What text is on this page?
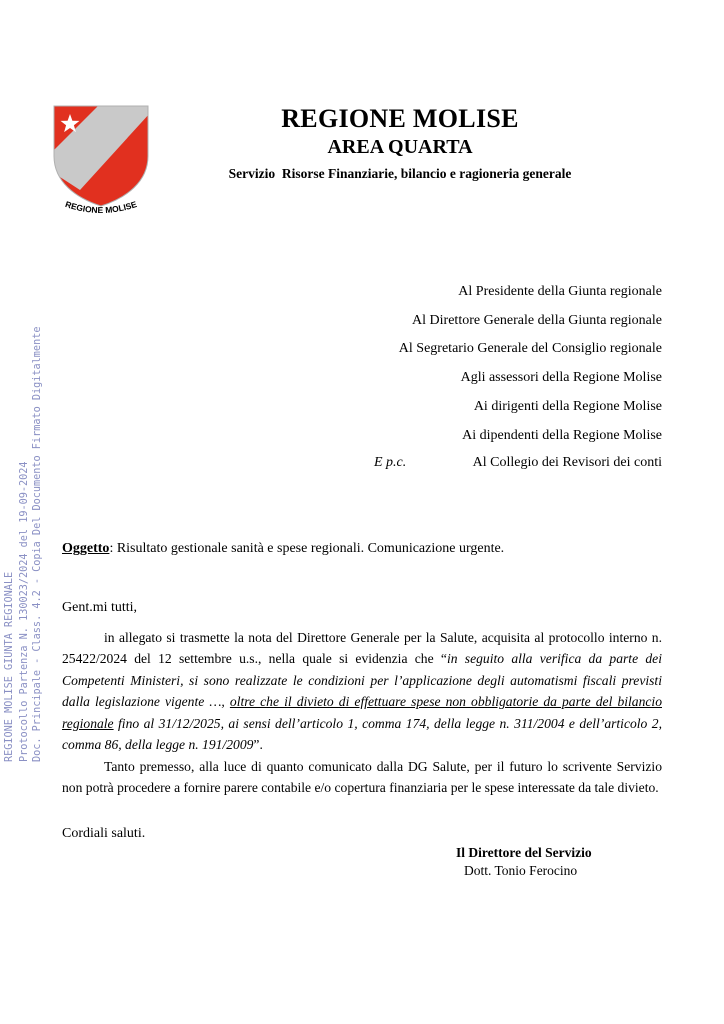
REGIONE MOLISE
REGIONE MOLISE
AREA QUARTA
Servizio  Risorse Finanziarie, bilancio e ragioneria generale
REGIONE MOLISE GIUNTA REGIONALE Protocollo Partenza N. 130023/2024 del 19-09-2024 Doc. Principale - Class. 4.2 - Copia Del Documento Firmato Digitalmente
Al Presidente della Giunta regionale
Al Direttore Generale della Giunta regionale
Al Segretario Generale del Consiglio regionale
Agli assessori della Regione Molise
Ai dirigenti della Regione Molise
Ai dipendenti della Regione Molise
E p.c.	Al Collegio dei Revisori dei conti
Oggetto: Risultato gestionale sanità e spese regionali. Comunicazione urgente.
Gent.mi tutti,

in allegato si trasmette la nota del Direttore Generale per la Salute, acquisita al protocollo interno n. 25422/2024 del 12 settembre u.s., nella quale si evidenzia che “in seguito alla verifica da parte dei Competenti Ministeri, si sono realizzate le condizioni per l’applicazione degli automatismi fiscali previsti dalla legislazione vigente …, oltre che il divieto di effettuare spese non obbligatorie da parte del bilancio regionale fino al 31/12/2025, ai sensi dell’articolo 1, comma 174, della legge n. 311/2004 e dell’articolo 2, comma 86, della legge n. 191/2009”.

Tanto premesso, alla luce di quanto comunicato dalla DG Salute, per il futuro lo scrivente Servizio non potrà procedere a fornire parere contabile e/o copertura finanziaria per le spese interessate da tale divieto.

Cordiali saluti.
Il Direttore del Servizio
Dott. Tonio Ferocino
